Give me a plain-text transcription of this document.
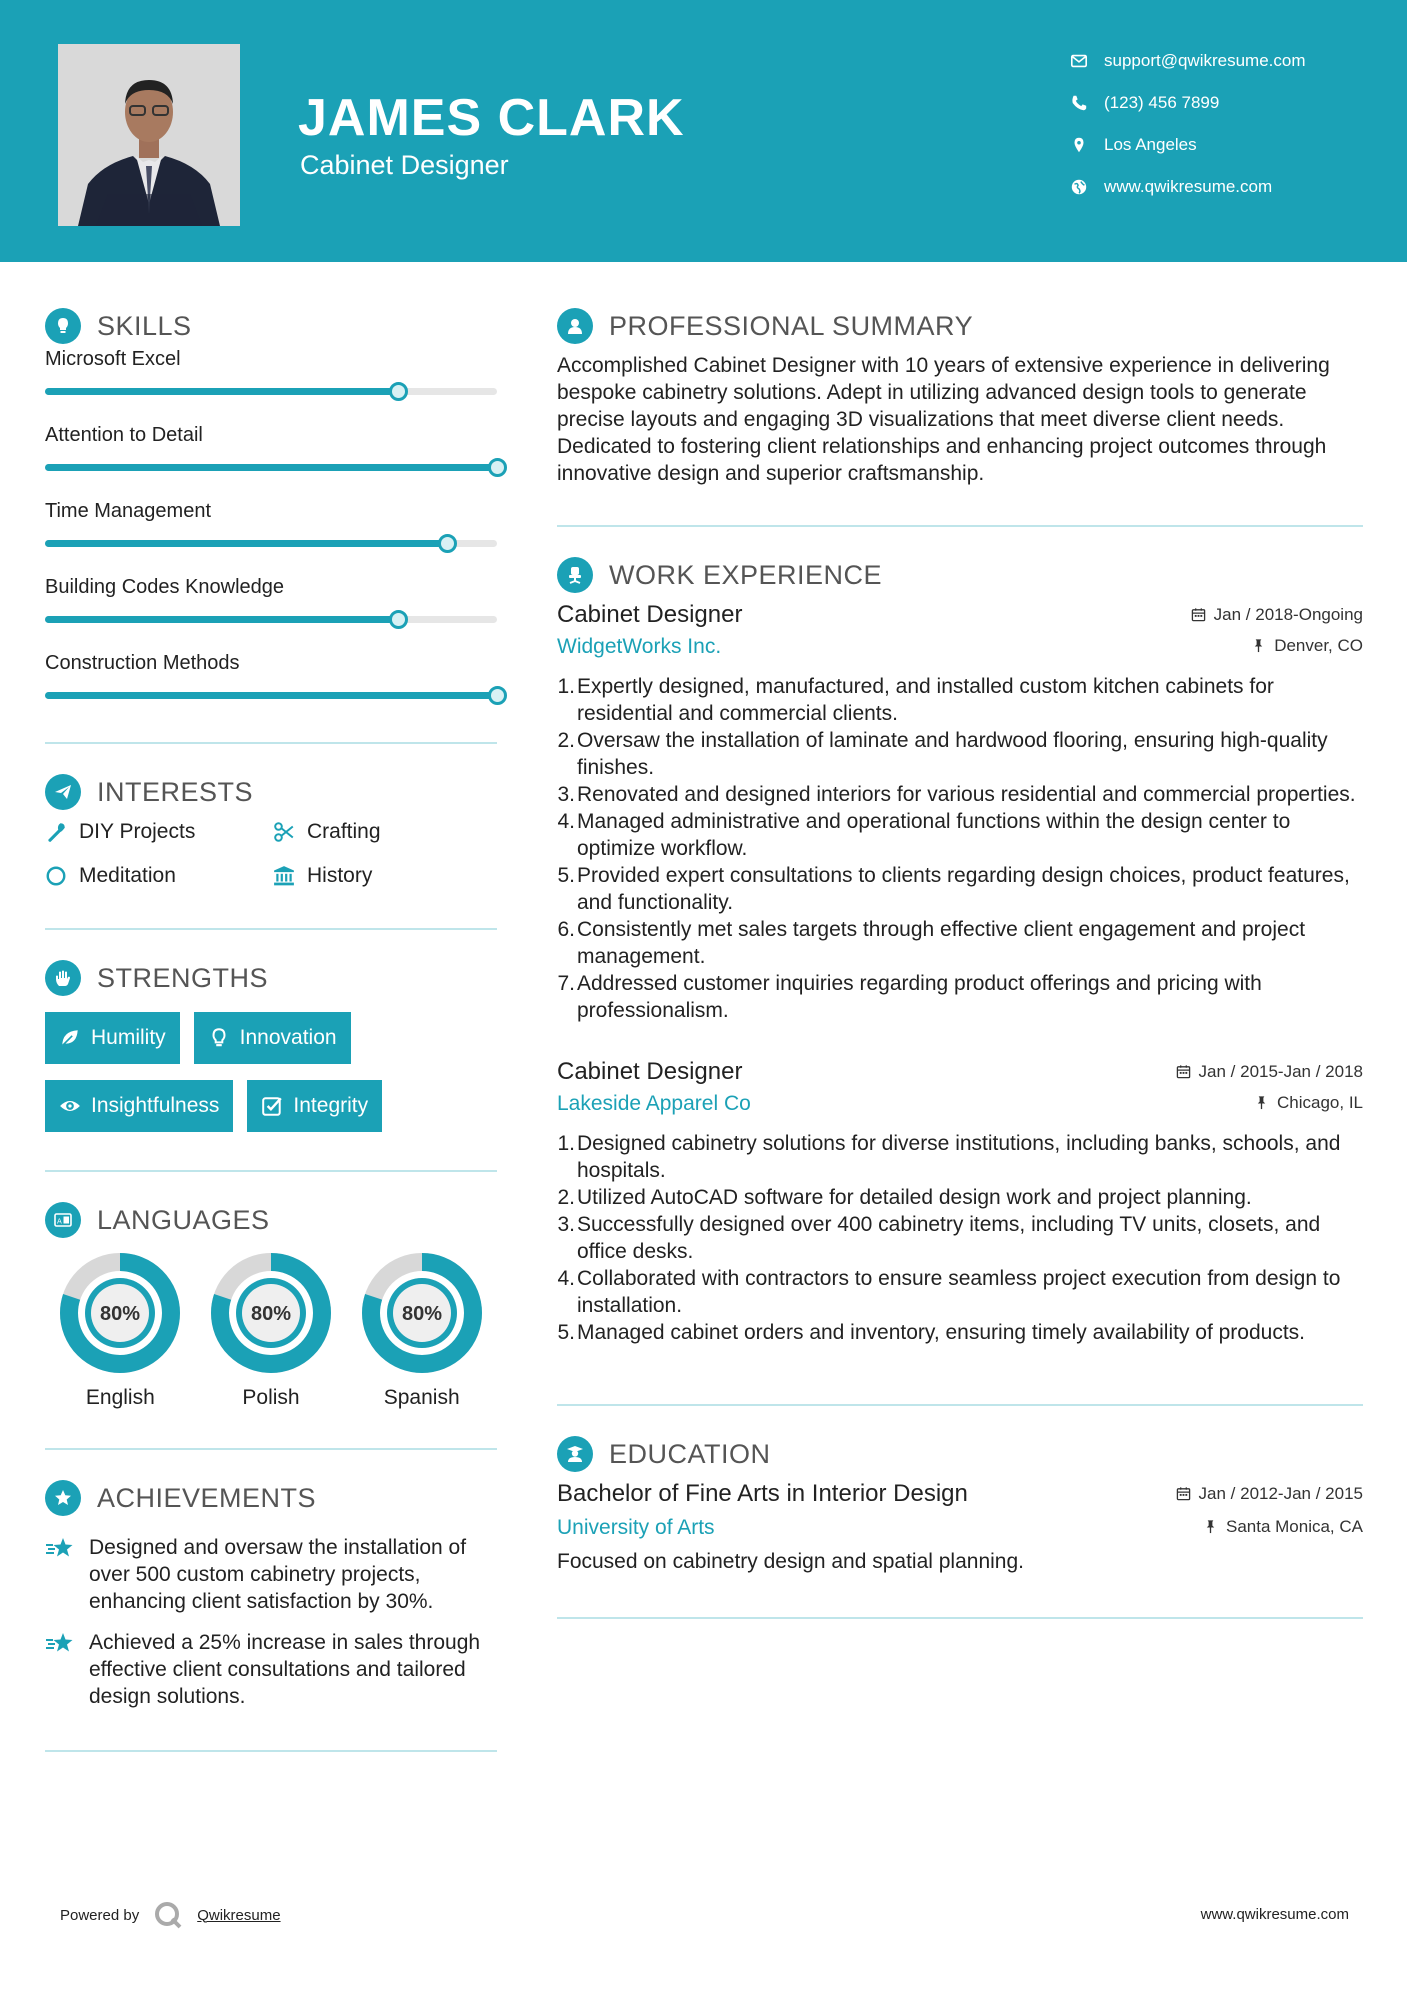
JAMES CLARK
Cabinet Designer
support@qwikresume.com
(123) 456 7899
Los Angeles
www.qwikresume.com
SKILLS
Microsoft Excel
Attention to Detail
Time Management
Building Codes Knowledge
Construction Methods
INTERESTS
DIY Projects	Crafting
Meditation	History
STRENGTHS
Humility	Innovation
Insightfulness	Integrity
A LANGUAGES
80%
English
80%
Polish
80%
Spanish
ACHIEVEMENTS
Designed and oversaw the installation of over 500 custom cabinetry projects, enhancing client satisfaction by 30%.
Achieved a 25% increase in sales through effective client consultations and tailored design solutions.
PROFESSIONAL SUMMARY
Accomplished Cabinet Designer with 10 years of extensive experience in delivering bespoke cabinetry solutions. Adept in utilizing advanced design tools to generate precise layouts and engaging 3D visualizations that meet diverse client needs. Dedicated to fostering client relationships and enhancing project outcomes through innovative design and superior craftsmanship.
WORK EXPERIENCE
Cabinet Designer	Jan / 2018-Ongoing
WidgetWorks Inc.	Denver, CO
1. Expertly designed, manufactured, and installed custom kitchen cabinets for residential and commercial clients.
2. Oversaw the installation of laminate and hardwood flooring, ensuring high-quality finishes.
3. Renovated and designed interiors for various residential and commercial properties.
4. Managed administrative and operational functions within the design center to optimize workflow.
5. Provided expert consultations to clients regarding design choices, product features, and functionality.
6. Consistently met sales targets through effective client engagement and project management.
7. Addressed customer inquiries regarding product offerings and pricing with professionalism.
Cabinet Designer	Jan / 2015-Jan / 2018
Lakeside Apparel Co	Chicago, IL
1. Designed cabinetry solutions for diverse institutions, including banks, schools, and hospitals.
2. Utilized AutoCAD software for detailed design work and project planning.
3. Successfully designed over 400 cabinetry items, including TV units, closets, and office desks.
4. Collaborated with contractors to ensure seamless project execution from design to installation.
5. Managed cabinet orders and inventory, ensuring timely availability of products.
EDUCATION
Bachelor of Fine Arts in Interior Design	Jan / 2012-Jan / 2015
University of Arts	Santa Monica, CA
Focused on cabinetry design and spatial planning.
Powered by	Qwikresume	www.qwikresume.com
